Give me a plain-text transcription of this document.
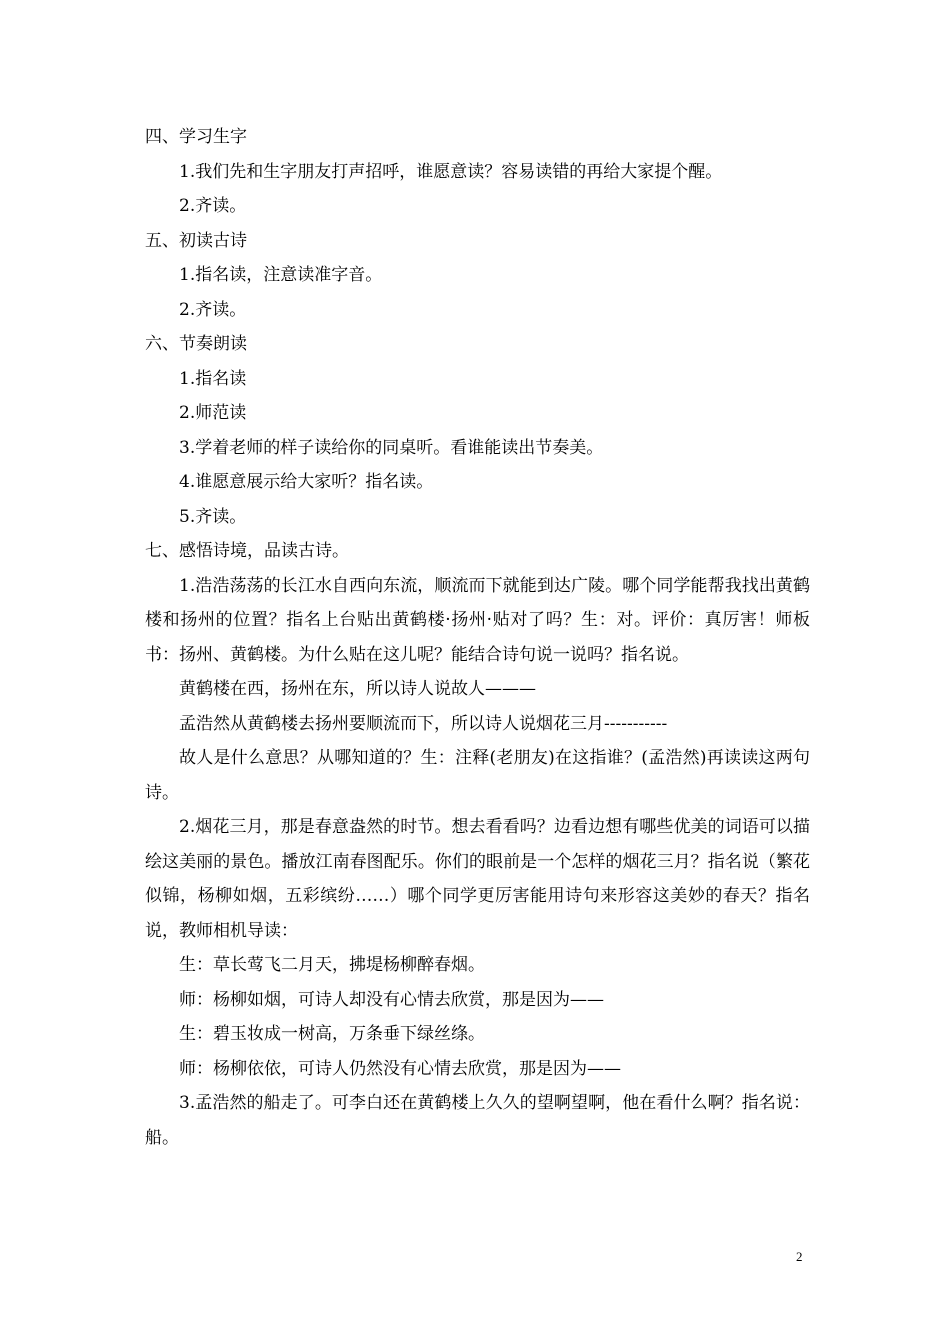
四、学习生字

1.我们先和生字朋友打声招呼，谁愿意读？容易读错的再给大家提个醒。

2.齐读。

五、初读古诗

1.指名读，注意读准字音。

2.齐读。

六、节奏朗读

1.指名读

2.师范读

3.学着老师的样子读给你的同桌听。看谁能读出节奏美。

4.谁愿意展示给大家听？指名读。

5.齐读。

七、感悟诗境，品读古诗。

1.浩浩荡荡的长江水自西向东流，顺流而下就能到达广陵。哪个同学能帮我找出黄鹤楼和扬州的位置？指名上台贴出黄鹤楼·扬州·贴对了吗？生：对。评价：真厉害！师板书：扬州、黄鹤楼。为什么贴在这儿呢？能结合诗句说一说吗？指名说。

黄鹤楼在西，扬州在东，所以诗人说故人———

孟浩然从黄鹤楼去扬州要顺流而下，所以诗人说烟花三月-----------

故人是什么意思？从哪知道的？生：注释(老朋友)在这指谁？(孟浩然)再读读这两句诗。

2.烟花三月，那是春意盎然的时节。想去看看吗？边看边想有哪些优美的词语可以描绘这美丽的景色。播放江南春图配乐。你们的眼前是一个怎样的烟花三月？指名说（繁花似锦，杨柳如烟，五彩缤纷……）哪个同学更厉害能用诗句来形容这美妙的春天？指名说，教师相机导读：

生：草长莺飞二月天，拂堤杨柳醉春烟。

师：杨柳如烟，可诗人却没有心情去欣赏，那是因为——

生：碧玉妆成一树高，万条垂下绿丝绦。

师：杨柳依依，可诗人仍然没有心情去欣赏，那是因为——

3.孟浩然的船走了。可李白还在黄鹤楼上久久的望啊望啊，他在看什么啊？指名说：船。

2
